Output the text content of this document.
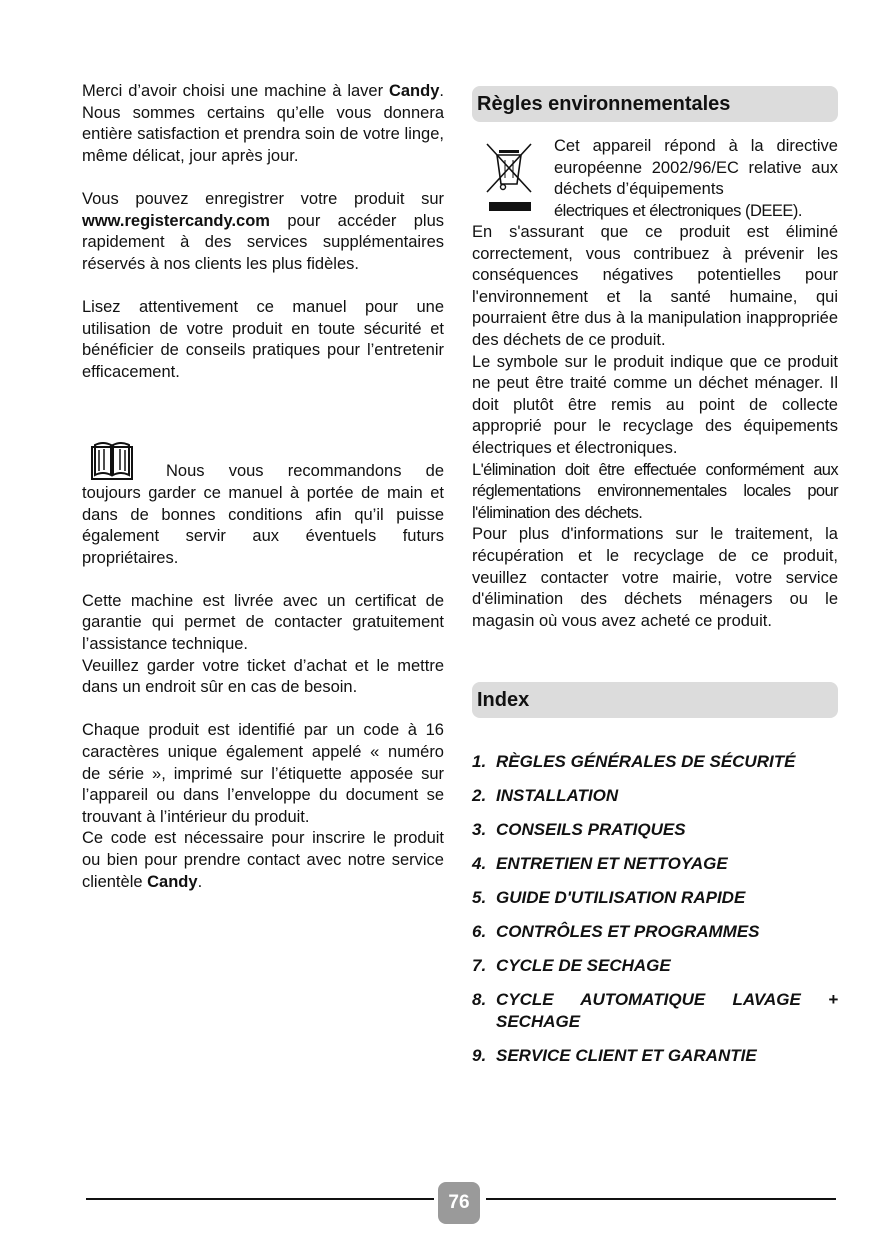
Merci d’avoir choisi une machine à laver Candy. Nous sommes certains qu’elle vous donnera entière satisfaction et prendra soin de votre linge, même délicat, jour après jour.

Vous pouvez enregistrer votre produit sur www.registercandy.com pour accéder plus rapidement à des services supplémentaires réservés à nos clients les plus fidèles.

Lisez attentivement ce manuel pour une utilisation de votre produit en toute sécurité et bénéficier de conseils pratiques pour l’entretenir efficacement.

Nous vous recommandons de toujours garder ce manuel à portée de main et dans de bonnes conditions afin qu’il puisse également servir aux éventuels futurs propriétaires.

Cette machine est livrée avec un certificat de garantie qui permet de contacter gratuitement l’assistance technique.

Veuillez garder votre ticket d’achat et le mettre dans un endroit sûr en cas de besoin.

Chaque produit est identifié par un code à 16 caractères unique également appelé « numéro de série », imprimé sur l’étiquette apposée sur l’appareil ou dans l’enveloppe du document se trouvant à l’intérieur du produit.

Ce code est nécessaire pour inscrire le produit ou bien pour prendre contact avec notre service clientèle Candy.

Règles environnementales

Cet appareil répond à la directive européenne 2002/96/EC relative aux déchets d’équipements

électriques et électroniques (DEEE).

En s'assurant que ce produit est éliminé correctement, vous contribuez à prévenir les conséquences négatives potentielles pour l'environnement et la santé humaine, qui pourraient être dus à la manipulation inappropriée des déchets de ce produit.

Le symbole sur le produit indique que ce produit ne peut être traité comme un déchet ménager. Il doit plutôt être remis au point de collecte approprié pour le recyclage des équipements électriques et électroniques.

L'élimination doit être effectuée conformément aux réglementations environnementales locales pour l'élimination des déchets.

Pour plus d'informations sur le traitement, la récupération et le recyclage de ce produit, veuillez contacter votre mairie, votre service d'élimination des déchets ménagers ou le magasin où vous avez acheté ce produit.

Index
1. RÈGLES GÉNÉRALES DE SÉCURITÉ
2. INSTALLATION
3. CONSEILS PRATIQUES
4. ENTRETIEN ET NETTOYAGE
5. GUIDE D'UTILISATION RAPIDE
6. CONTRÔLES ET PROGRAMMES
7. CYCLE DE SECHAGE
8. CYCLE AUTOMATIQUE LAVAGE + SECHAGE
9. SERVICE CLIENT ET GARANTIE
76
